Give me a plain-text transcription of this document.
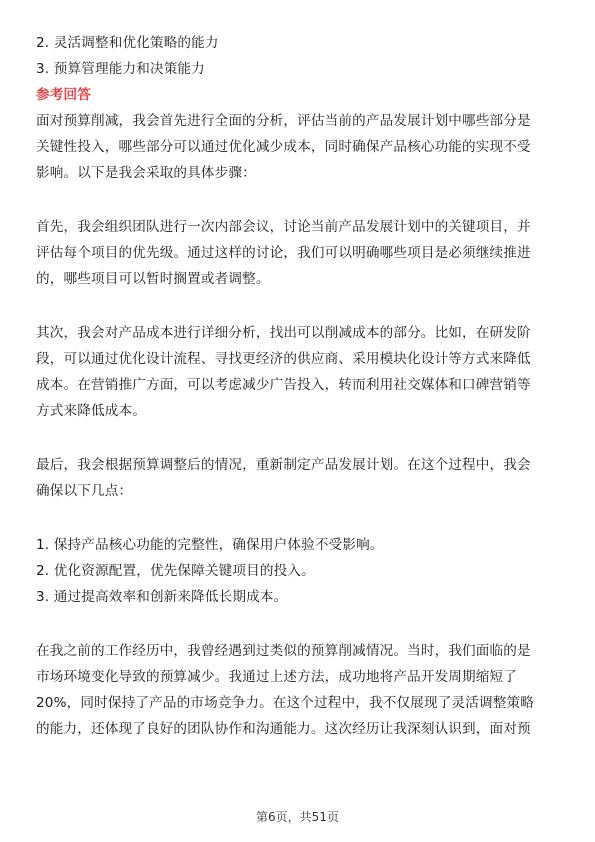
2. 灵活调整和优化策略的能力
3. 预算管理能力和决策能力
参考回答
面对预算削减，我会首先进行全面的分析，评估当前的产品发展计划中哪些部分是
关键性投入，哪些部分可以通过优化减少成本，同时确保产品核心功能的实现不受
影响。以下是我会采取的具体步骤：
首先，我会组织团队进行一次内部会议，讨论当前产品发展计划中的关键项目，并
评估每个项目的优先级。通过这样的讨论，我们可以明确哪些项目是必须继续推进
的，哪些项目可以暂时搁置或者调整。
其次，我会对产品成本进行详细分析，找出可以削减成本的部分。比如，在研发阶
段，可以通过优化设计流程、寻找更经济的供应商、采用模块化设计等方式来降低
成本。在营销推广方面，可以考虑减少广告投入，转而利用社交媒体和口碑营销等
方式来降低成本。
最后，我会根据预算调整后的情况，重新制定产品发展计划。在这个过程中，我会
确保以下几点：
1. 保持产品核心功能的完整性，确保用户体验不受影响。
2. 优化资源配置，优先保障关键项目的投入。
3. 通过提高效率和创新来降低长期成本。
在我之前的工作经历中，我曾经遇到过类似的预算削减情况。当时，我们面临的是
市场环境变化导致的预算减少。我通过上述方法，成功地将产品开发周期缩短了
20%，同时保持了产品的市场竞争力。在这个过程中，我不仅展现了灵活调整策略
的能力，还体现了良好的团队协作和沟通能力。这次经历让我深刻认识到，面对预
第6页，共51页
